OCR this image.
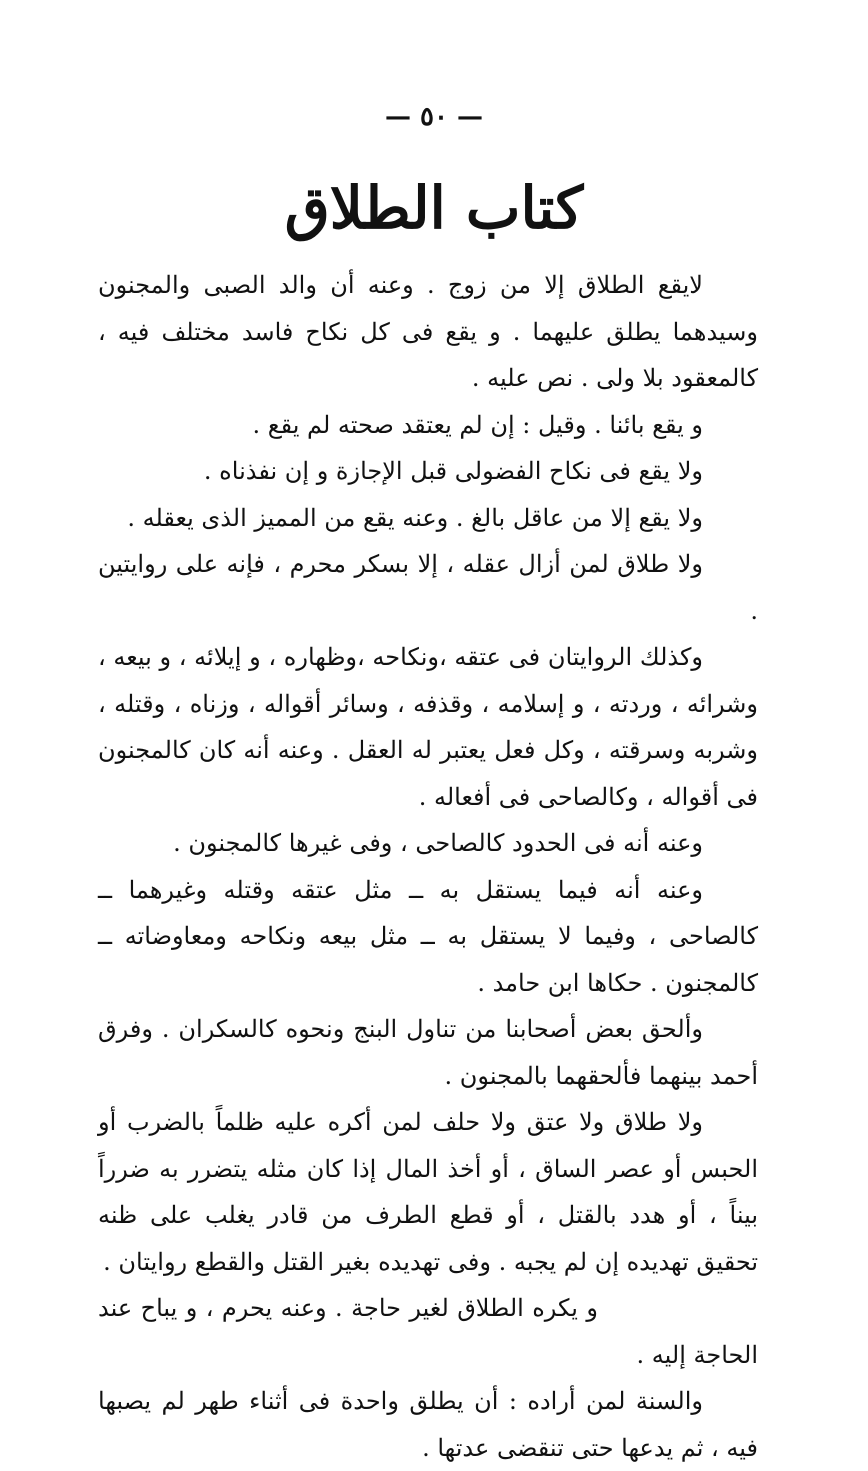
— ٥٠ —
كتاب الطلاق

لايقع الطلاق إلا من زوج . وعنه أن والد الصبى والمجنون وسيدهما يطلق عليهما . و يقع فى كل نكاح فاسد مختلف فيه ، كالمعقود بلا ولى . نص عليه .

و يقع بائنا . وقيل : إن لم يعتقد صحته لم يقع .

ولا يقع فى نكاح الفضولى قبل الإجازة و إن نفذناه .

ولا يقع إلا من عاقل بالغ . وعنه يقع من المميز الذى يعقله .

ولا طلاق لمن أزال عقله ، إلا بسكر محرم ، فإنه على روايتين .

وكذلك الروايتان فى عتقه ،ونكاحه ،وظهاره ، و إيلائه ، و بيعه ، وشرائه ، وردته ، و إسلامه ، وقذفه ، وسائر أقواله ، وزناه ، وقتله ، وشربه وسرقته ، وكل فعل يعتبر له العقل . وعنه أنه كان كالمجنون فى أقواله ، وكالصاحى فى أفعاله .

وعنه أنه فى الحدود كالصاحى ، وفى غيرها كالمجنون .

وعنه أنه فيما يستقل به ــ مثل عتقه وقتله وغيرهما ــ كالصاحى ، وفيما لا يستقل به ــ مثل بيعه ونكاحه ومعاوضاته ــ كالمجنون . حكاها ابن حامد .

وألحق بعض أصحابنا من تناول البنج ونحوه كالسكران . وفرق أحمد بينهما فألحقهما بالمجنون .

ولا طلاق ولا عتق ولا حلف لمن أكره عليه ظلماً بالضرب أو الحبس أو عصر الساق ، أو أخذ المال إذا كان مثله يتضرر به ضرراً بيناً ، أو هدد بالقتل ، أو قطع الطرف من قادر يغلب على ظنه تحقيق تهديده إن لم يجبه . وفى تهديده بغير القتل والقطع روايتان .

و يكره الطلاق لغير حاجة . وعنه يحرم ، و يباح عند الحاجة إليه .

والسنة لمن أراده : أن يطلق واحدة فى أثناء طهر لم يصبها فيه ، ثم يدعها حتى تنقضى عدتها .
